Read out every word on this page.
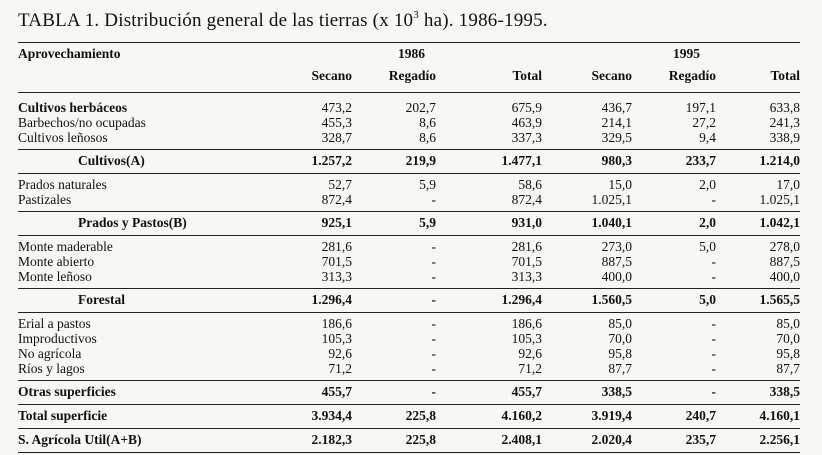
TABLA 1. Distribución general de las tierras (x $10^3$ ha). 1986-1995.
Aprovechamiento	1986	1995
Secano	Regadío	Total	Secano	Regadío	Total
Cultivos herbáceos	473,2	202,7	675,9	436,7	197,1	633,8
Barbechos/no ocupadas	455,3	8,6	463,9	214,1	27,2	241,3
Cultivos leñosos	328,7	8,6	337,3	329,5	9,4	338,9
Cultivos(A)	1.257,2	219,9	1.477,1	980,3	233,7	1.214,0
Prados naturales	52,7	5,9	58,6	15,0	2,0	17,0
Pastizales	872,4	-	872,4	1.025,1	-	1.025,1
Prados y Pastos(B)	925,1	5,9	931,0	1.040,1	2,0	1.042,1
Monte maderable	281,6	-	281,6	273,0	5,0	278,0
Monte abierto	701,5	-	701,5	887,5	-	887,5
Monte leñoso	313,3	-	313,3	400,0	-	400,0
Forestal	1.296,4	-	1.296,4	1.560,5	5,0	1.565,5
Erial a pastos	186,6	-	186,6	85,0	-	85,0
Improductivos	105,3	-	105,3	70,0	-	70,0
No agrícola	92,6	-	92,6	95,8	-	95,8
Ríos y lagos	71,2	-	71,2	87,7	-	87,7
Otras superficies	455,7	-	455,7	338,5	-	338,5
Total superficie	3.934,4	225,8	4.160,2	3.919,4	240,7	4.160,1
S. Agrícola Util(A+B)	2.182,3	225,8	2.408,1	2.020,4	235,7	2.256,1
